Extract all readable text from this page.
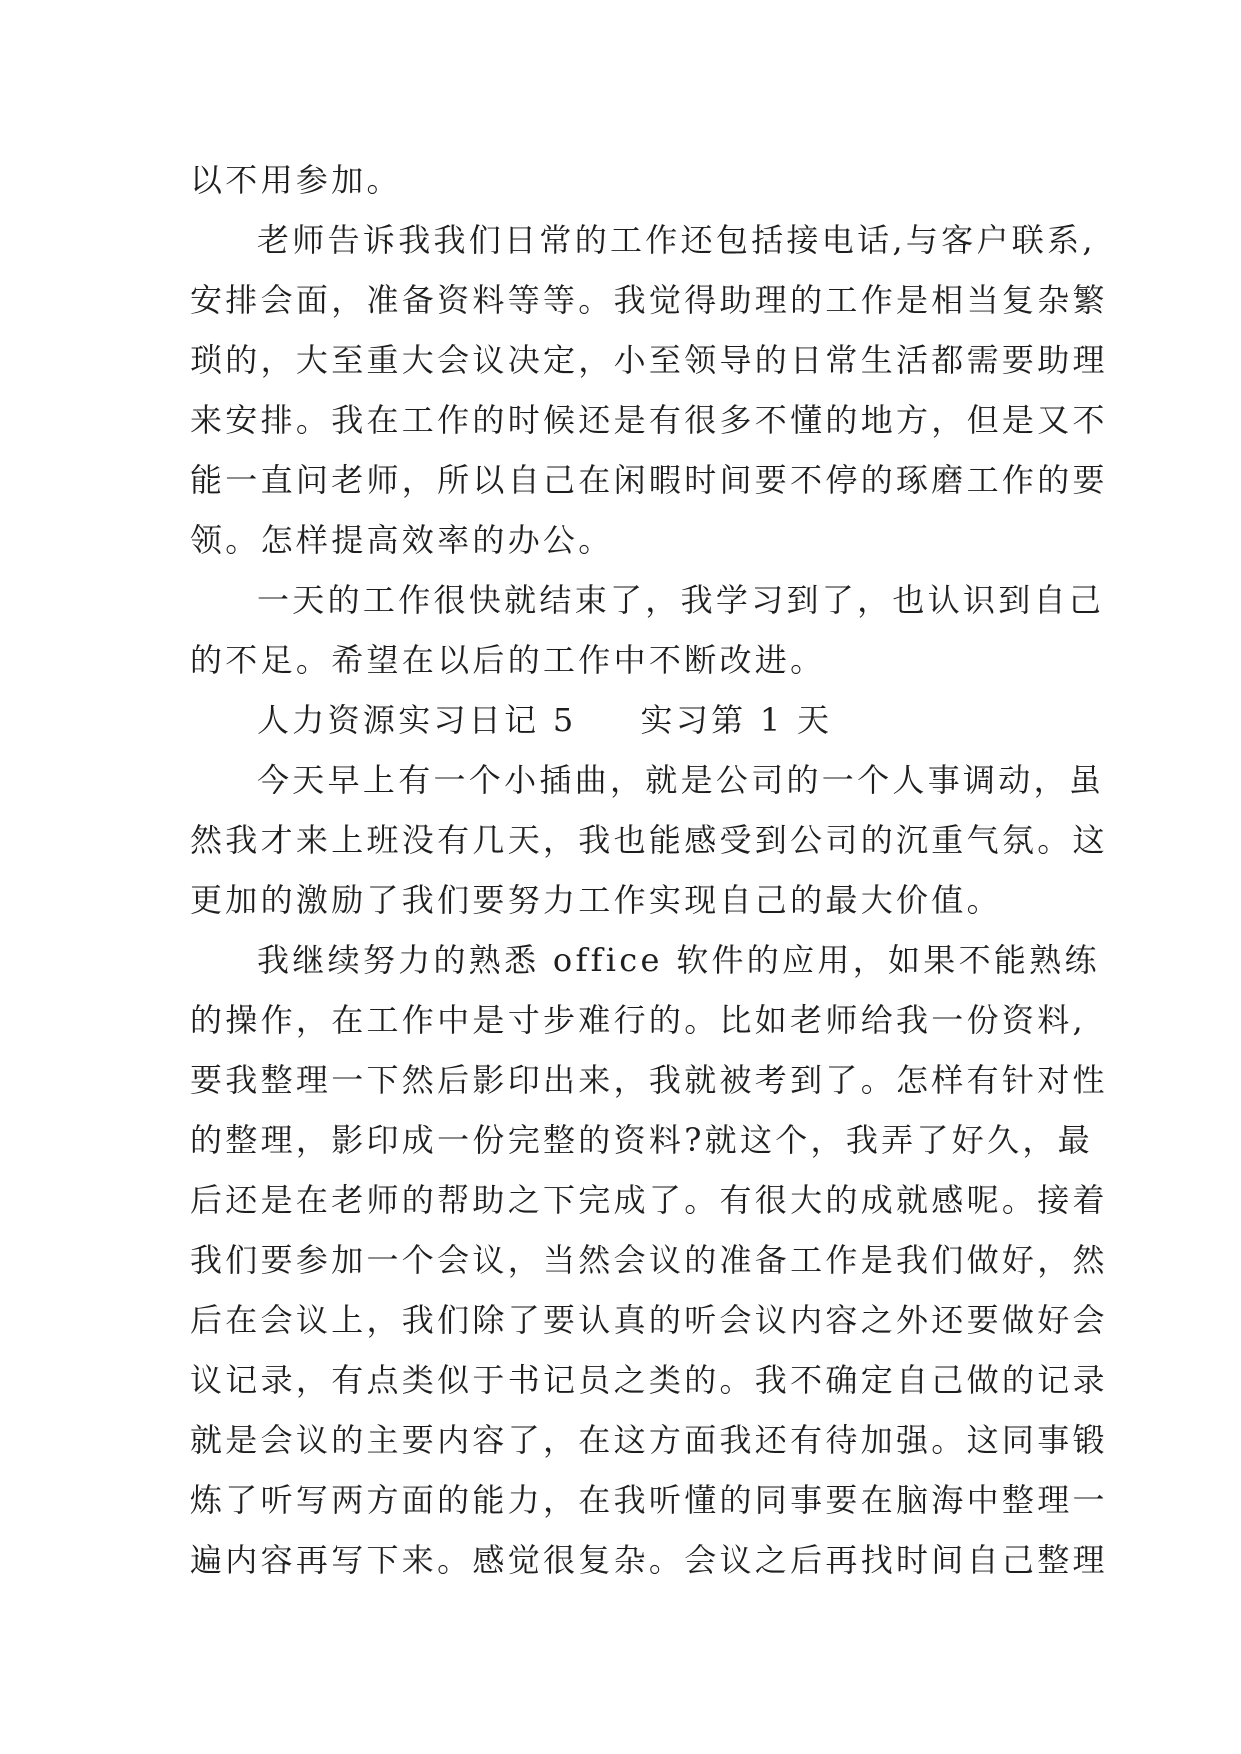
以不用参加。
老师告诉我我们日常的工作还包括接电话,与客户联系,
安排会面，准备资料等等。我觉得助理的工作是相当复杂繁
琐的，大至重大会议决定，小至领导的日常生活都需要助理
来安排。我在工作的时候还是有很多不懂的地方，但是又不
能一直问老师，所以自己在闲暇时间要不停的琢磨工作的要
领。怎样提高效率的办公。
一天的工作很快就结束了，我学习到了，也认识到自己
的不足。希望在以后的工作中不断改进。
人力资源实习日记 5 实习第 1 天
今天早上有一个小插曲，就是公司的一个人事调动，虽
然我才来上班没有几天，我也能感受到公司的沉重气氛。这
更加的激励了我们要努力工作实现自己的最大价值。
我继续努力的熟悉 office 软件的应用，如果不能熟练
的操作，在工作中是寸步难行的。比如老师给我一份资料,
要我整理一下然后影印出来，我就被考到了。怎样有针对性
的整理，影印成一份完整的资料?就这个，我弄了好久，最
后还是在老师的帮助之下完成了。有很大的成就感呢。接着
我们要参加一个会议，当然会议的准备工作是我们做好，然
后在会议上，我们除了要认真的听会议内容之外还要做好会
议记录，有点类似于书记员之类的。我不确定自己做的记录
就是会议的主要内容了，在这方面我还有待加强。这同事锻
炼了听写两方面的能力，在我听懂的同事要在脑海中整理一
遍内容再写下来。感觉很复杂。会议之后再找时间自己整理
